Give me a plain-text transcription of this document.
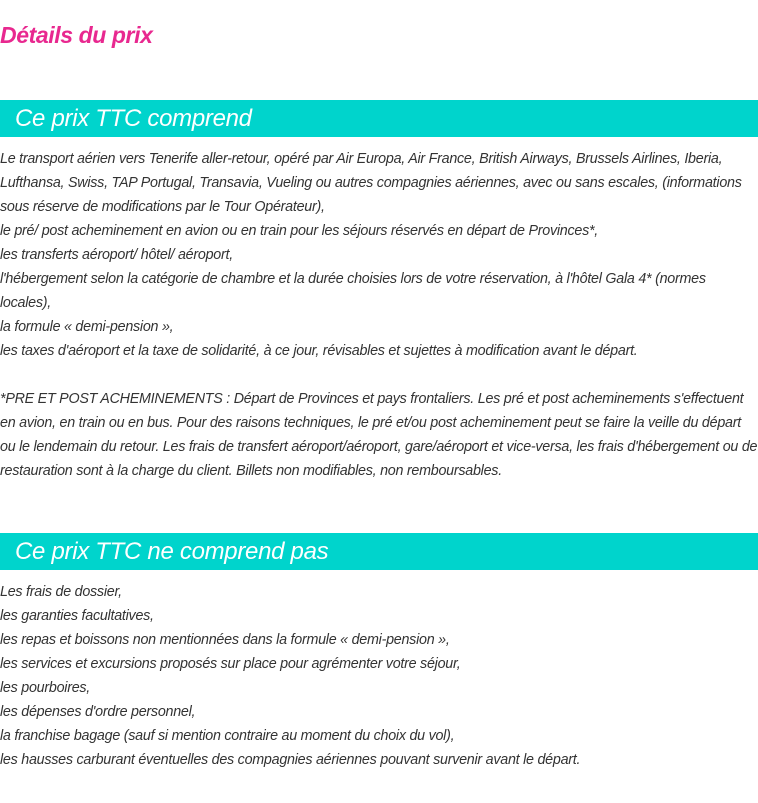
Détails du prix
Ce prix TTC comprend
Le transport aérien vers Tenerife aller-retour, opéré par Air Europa, Air France, British Airways, Brussels Airlines, Iberia, Lufthansa, Swiss, TAP Portugal, Transavia, Vueling ou autres compagnies aériennes, avec ou sans escales, (informations sous réserve de modifications par le Tour Opérateur),
le pré/ post acheminement en avion ou en train pour les séjours réservés en départ de Provinces*,
les transferts aéroport/ hôtel/ aéroport,
l'hébergement selon la catégorie de chambre et la durée choisies lors de votre réservation, à l'hôtel Gala 4* (normes locales),
la formule « demi-pension »,
les taxes d'aéroport et la taxe de solidarité, à ce jour, révisables et sujettes à modification avant le départ.
*PRE ET POST ACHEMINEMENTS : Départ de Provinces et pays frontaliers. Les pré et post acheminements s'effectuent en avion, en train ou en bus. Pour des raisons techniques, le pré et/ou post acheminement peut se faire la veille du départ ou le lendemain du retour. Les frais de transfert aéroport/aéroport, gare/aéroport et vice-versa, les frais d'hébergement ou de restauration sont à la charge du client. Billets non modifiables, non remboursables.
Ce prix TTC ne comprend pas
Les frais de dossier,
les garanties facultatives,
les repas et boissons non mentionnées dans la formule « demi-pension »,
les services et excursions proposés sur place pour agrémenter votre séjour,
les pourboires,
les dépenses d'ordre personnel,
la franchise bagage (sauf si mention contraire au moment du choix du vol),
les hausses carburant éventuelles des compagnies aériennes pouvant survenir avant le départ.
